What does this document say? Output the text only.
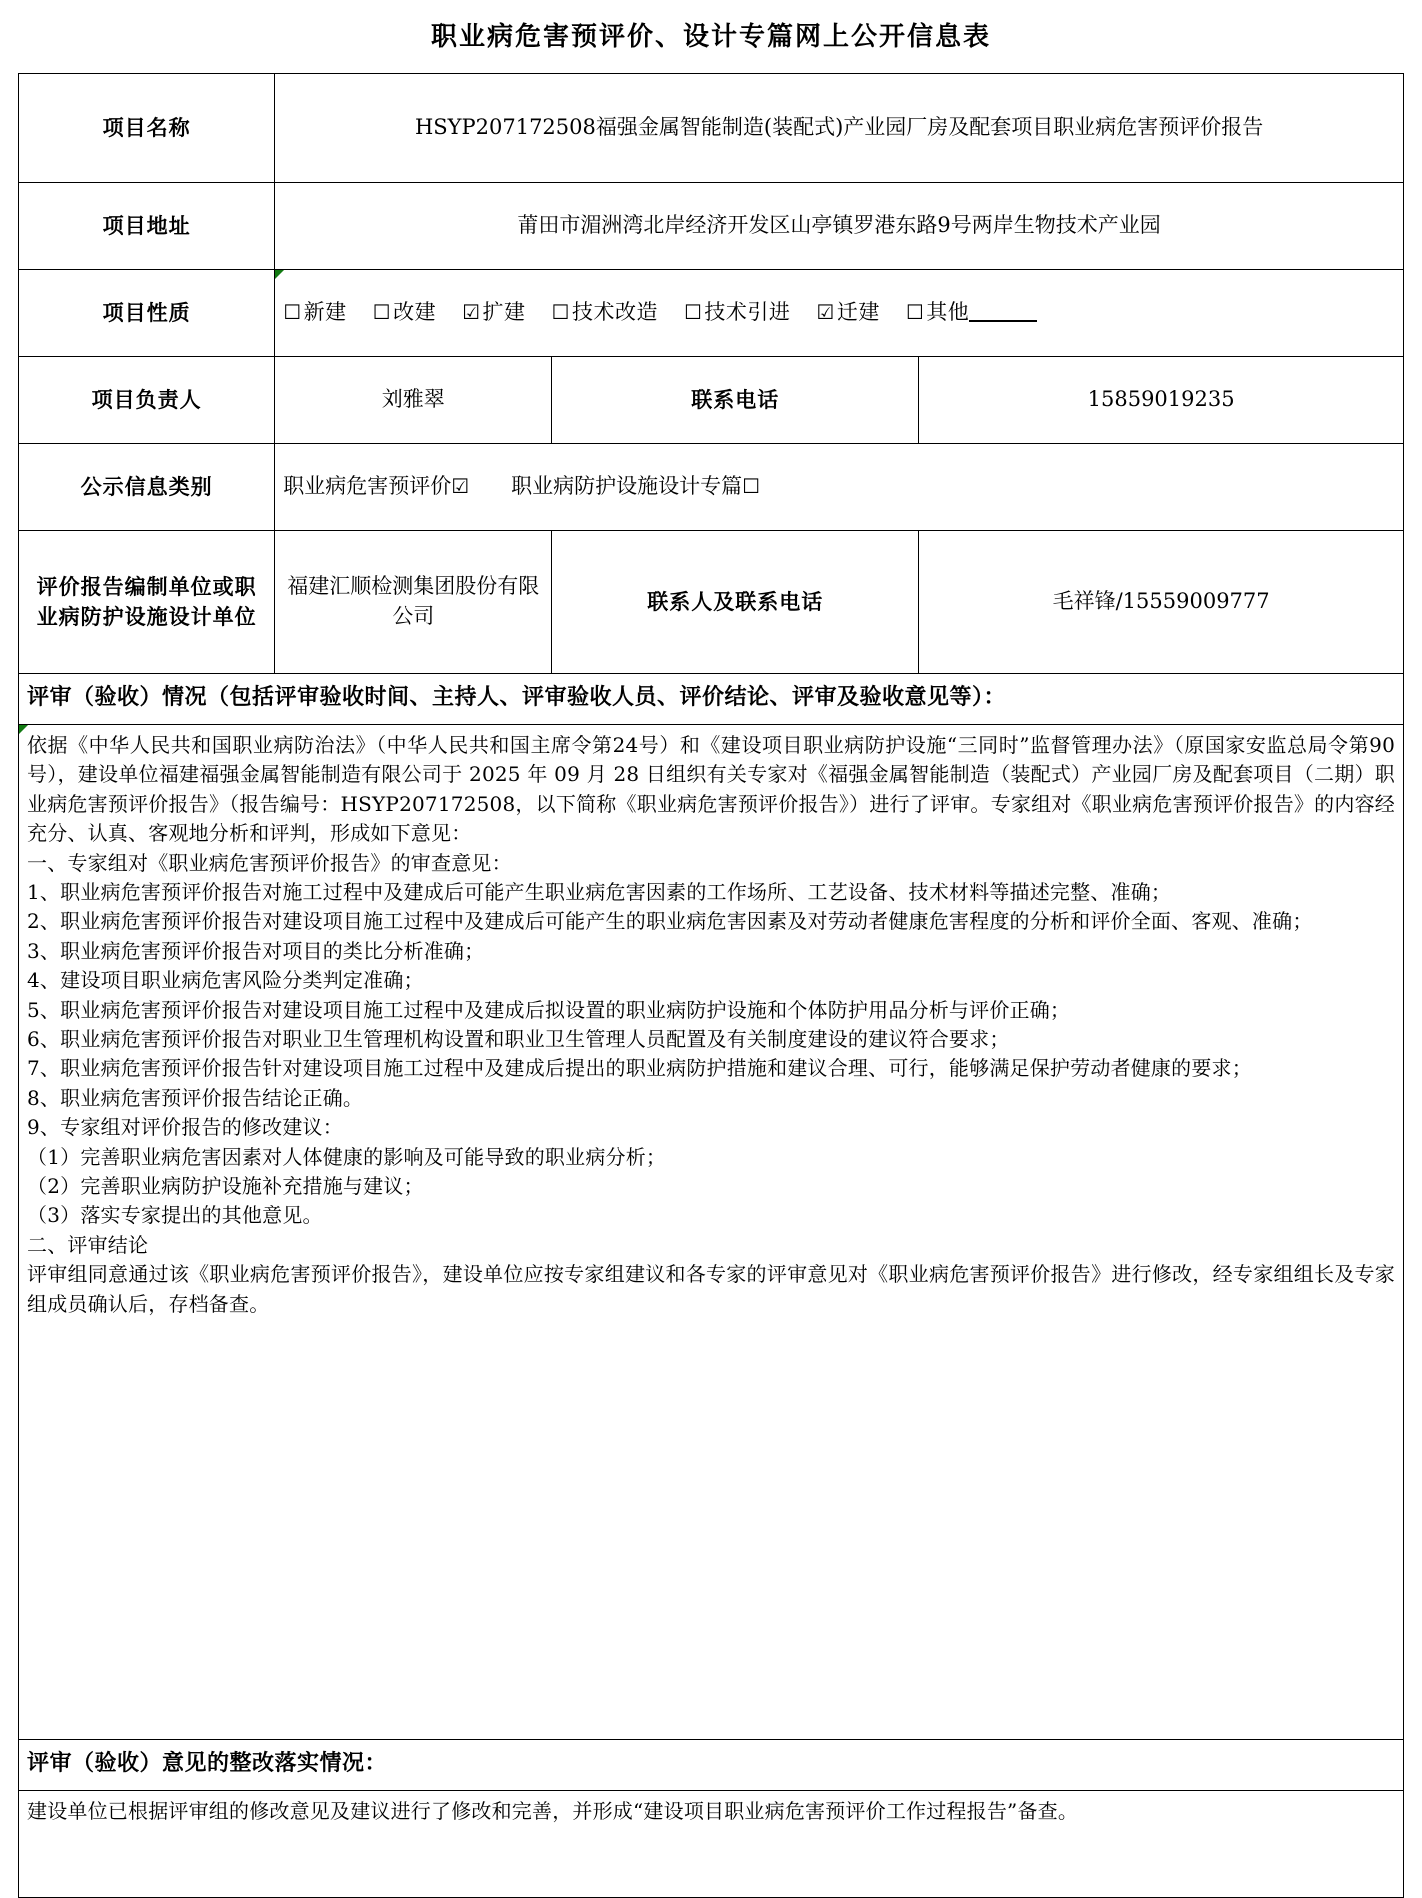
职业病危害预评价、设计专篇网上公开信息表
项目名称	HSYP207172508福强金属智能制造(装配式)产业园厂房及配套项目职业病危害预评价报告		
项目地址	莆田市湄洲湾北岸经济开发区山亭镇罗港东路9号两岸生物技术产业园		
项目性质	☐新建 ☐改建 ☑扩建 ☐技术改造 ☐技术引进 ☑迁建 ☐其他		
项目负责人	刘雅翠	联系电话	15859019235
公示信息类别	职业病危害预评价☑ 职业病防护设施设计专篇☐		
评价报告编制单位或职业病防护设施设计单位	福建汇顺检测集团股份有限公司	联系人及联系电话	毛祥锋/15559009777
评审（验收）情况（包括评审验收时间、主持人、评审验收人员、评价结论、评审及验收意见等）：

依据《中华人民共和国职业病防治法》（中华人民共和国主席令第24号）和《建设项目职业病防护设施“三同时”监督管理办法》（原国家安监总局令第90号），建设单位福建福强金属智能制造有限公司于 2025 年 09 月 28 日组织有关专家对《福强金属智能制造（装配式）产业园厂房及配套项目（二期）职业病危害预评价报告》（报告编号：HSYP207172508，以下简称《职业病危害预评价报告》）进行了评审。专家组对《职业病危害预评价报告》的内容经充分、认真、客观地分析和评判，形成如下意见：

一、专家组对《职业病危害预评价报告》的审查意见：

1、职业病危害预评价报告对施工过程中及建成后可能产生职业病危害因素的工作场所、工艺设备、技术材料等描述完整、准确；

2、职业病危害预评价报告对建设项目施工过程中及建成后可能产生的职业病危害因素及对劳动者健康危害程度的分析和评价全面、客观、准确；

3、职业病危害预评价报告对项目的类比分析准确；

4、建设项目职业病危害风险分类判定准确；

5、职业病危害预评价报告对建设项目施工过程中及建成后拟设置的职业病防护设施和个体防护用品分析与评价正确；

6、职业病危害预评价报告对职业卫生管理机构设置和职业卫生管理人员配置及有关制度建设的建议符合要求；

7、职业病危害预评价报告针对建设项目施工过程中及建成后提出的职业病防护措施和建议合理、可行，能够满足保护劳动者健康的要求；

8、职业病危害预评价报告结论正确。

9、专家组对评价报告的修改建议：

（1）完善职业病危害因素对人体健康的影响及可能导致的职业病分析；

（2）完善职业病防护设施补充措施与建议；

（3）落实专家提出的其他意见。

二、评审结论

评审组同意通过该《职业病危害预评价报告》，建设单位应按专家组建议和各专家的评审意见对《职业病危害预评价报告》进行修改，经专家组组长及专家组成员确认后，存档备查。

评审（验收）意见的整改落实情况：

建设单位已根据评审组的修改意见及建议进行了修改和完善，并形成“建设项目职业病危害预评价工作过程报告”备查。
